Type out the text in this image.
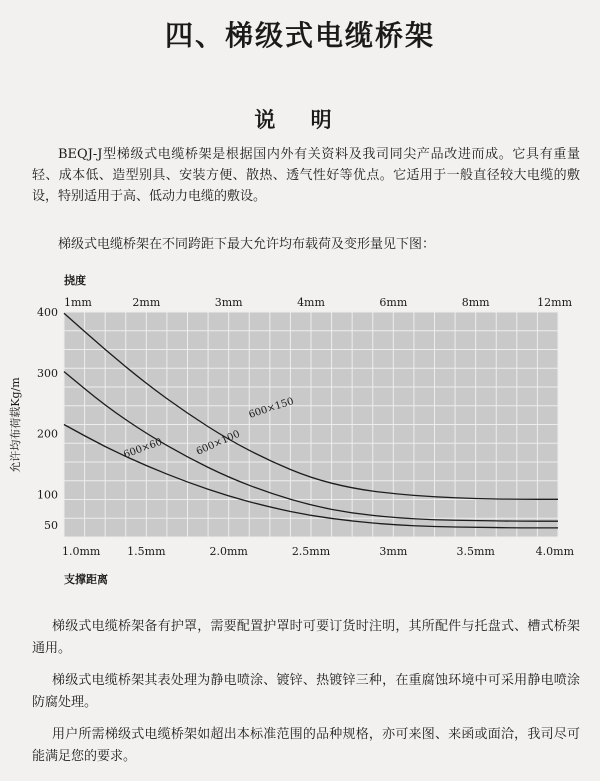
四、梯级式电缆桥架
说 明

BEQJ-J型梯级式电缆桥架是根据国内外有关资料及我司同尖产品改进而成。它具有重量轻、成本低、造型别具、安装方便、散热、透气性好等优点。它适用于一般直径较大电缆的敷设，特别适用于高、低动力电缆的敷设。

梯级式电缆桥架在不同跨距下最大允许均布载荷及变形量见下图：

1mm	2mm	3mm	4mm	6mm	8mm	12mm
1.0mm 1.5mm	2.0mm	2.5mm	3mm	3.5mm	4.0mm
400
300
200
100
50
挠度
支撑距离
允许均布荷载Kg/m	600×150
600×100
600×60

梯级式电缆桥架备有护罩，需要配置护罩时可要订货时注明，其所配件与托盘式、槽式桥架通用。

梯级式电缆桥架其表处理为静电喷涂、镀锌、热镀锌三种，在重腐蚀环境中可采用静电喷涂防腐处理。

用户所需梯级式电缆桥架如超出本标准范围的品种规格，亦可来图、来函或面洽，我司尽可能满足您的要求。
